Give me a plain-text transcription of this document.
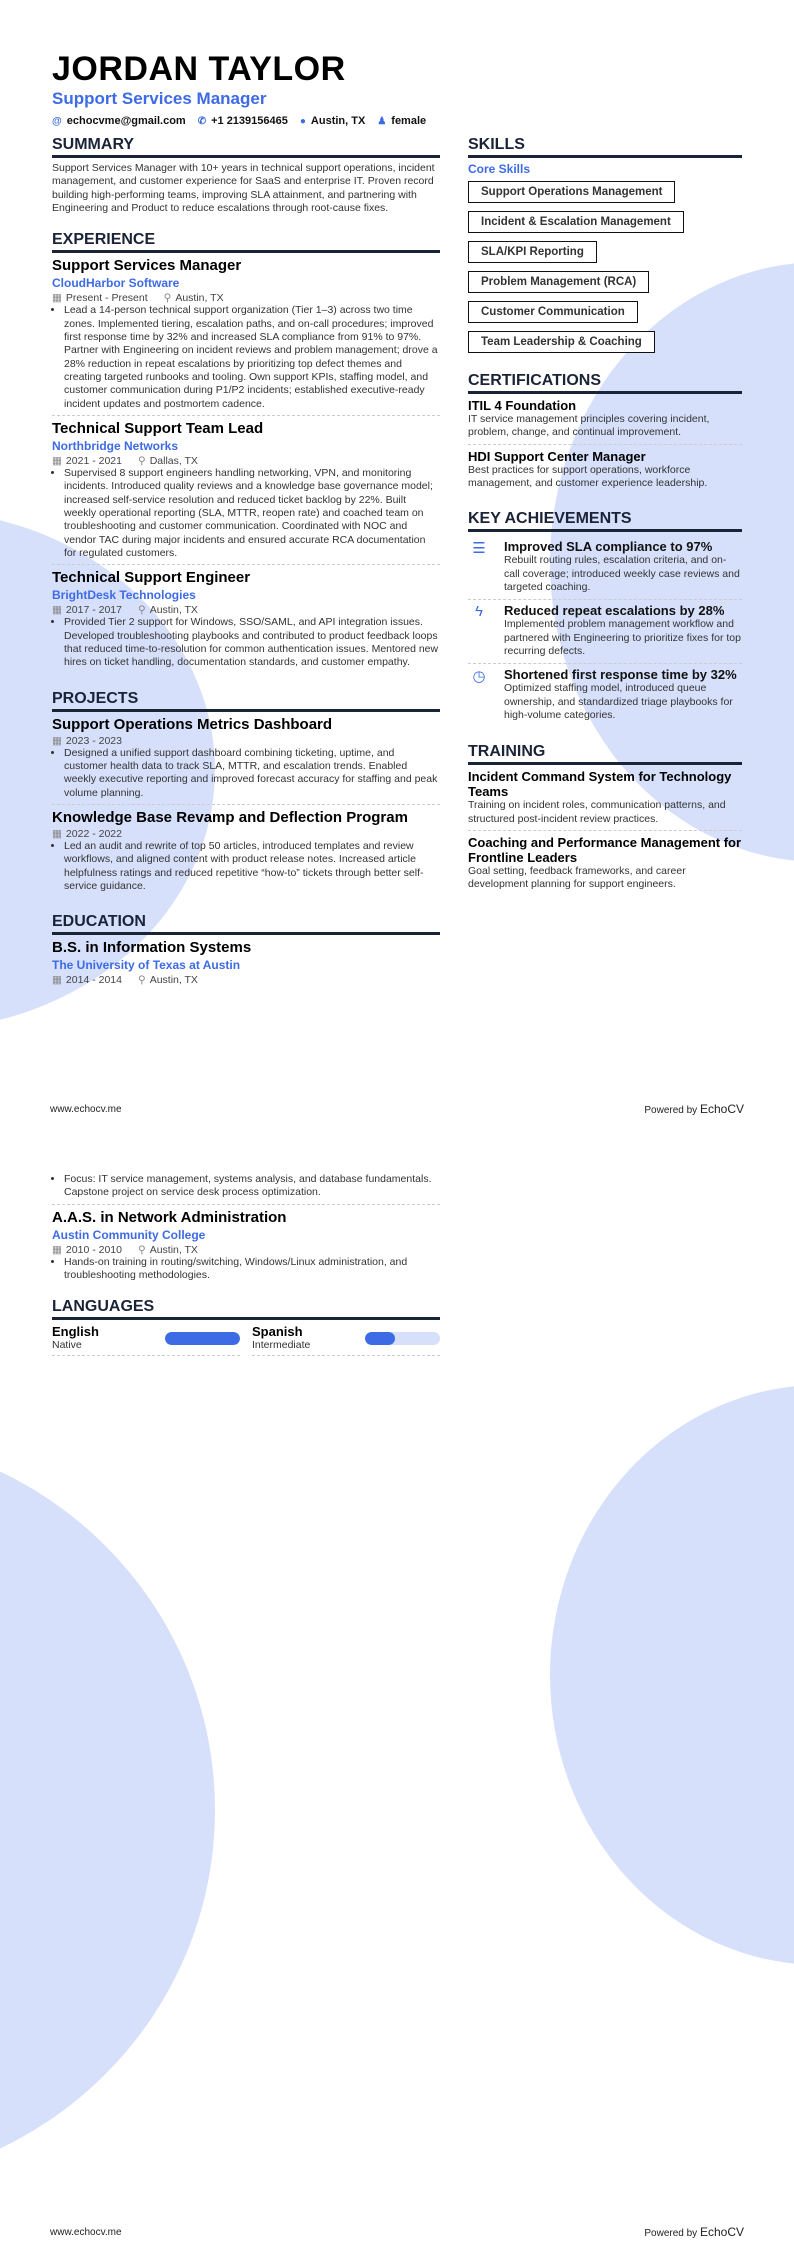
JORDAN TAYLOR
Support Services Manager
@ echocvme@gmail.com ✆ +1 2139156465 ● Austin, TX ♟ female
SUMMARY
Support Services Manager with 10+ years in technical support operations, incident management, and customer experience for SaaS and enterprise IT. Proven record building high-performing teams, improving SLA attainment, and partnering with Engineering and Product to reduce escalations through root-cause fixes.
EXPERIENCE
Support Services Manager
CloudHarbor Software
▦ Present - Present ⚲ Austin, TX
• Lead a 14-person technical support organization (Tier 1–3) across two time zones. Implemented tiering, escalation paths, and on-call procedures; improved first response time by 32% and increased SLA compliance from 91% to 97%. Partner with Engineering on incident reviews and problem management; drove a 28% reduction in repeat escalations by prioritizing top defect themes and creating targeted runbooks and tooling. Own support KPIs, staffing model, and customer communication during P1/P2 incidents; established executive-ready incident updates and postmortem cadence.
Technical Support Team Lead
Northbridge Networks
▦ 2021 - 2021 ⚲ Dallas, TX
• Supervised 8 support engineers handling networking, VPN, and monitoring incidents. Introduced quality reviews and a knowledge base governance model; increased self-service resolution and reduced ticket backlog by 22%. Built weekly operational reporting (SLA, MTTR, reopen rate) and coached team on troubleshooting and customer communication. Coordinated with NOC and vendor TAC during major incidents and ensured accurate RCA documentation for regulated customers.
Technical Support Engineer
BrightDesk Technologies
▦ 2017 - 2017 ⚲ Austin, TX
• Provided Tier 2 support for Windows, SSO/SAML, and API integration issues. Developed troubleshooting playbooks and contributed to product feedback loops that reduced time-to-resolution for common authentication issues. Mentored new hires on ticket handling, documentation standards, and customer empathy.
PROJECTS
Support Operations Metrics Dashboard
▦ 2023 - 2023
• Designed a unified support dashboard combining ticketing, uptime, and customer health data to track SLA, MTTR, and escalation trends. Enabled weekly executive reporting and improved forecast accuracy for staffing and peak volume planning.
Knowledge Base Revamp and Deflection Program
▦ 2022 - 2022
• Led an audit and rewrite of top 50 articles, introduced templates and review workflows, and aligned content with product release notes. Increased article helpfulness ratings and reduced repetitive “how-to” tickets through better self-service guidance.
EDUCATION
B.S. in Information Systems
The University of Texas at Austin
▦ 2014 - 2014 ⚲ Austin, TX
SKILLS
Core Skills
Support Operations Management
Incident & Escalation Management
SLA/KPI Reporting
Problem Management (RCA)
Customer Communication
Team Leadership & Coaching
CERTIFICATIONS
ITIL 4 Foundation
IT service management principles covering incident, problem, change, and continual improvement.
HDI Support Center Manager
Best practices for support operations, workforce management, and customer experience leadership.
KEY ACHIEVEMENTS
☰	Improved SLA compliance to 97%
Rebuilt routing rules, escalation criteria, and on-call coverage; introduced weekly case reviews and targeted coaching.
ϟ	Reduced repeat escalations by 28%
Implemented problem management workflow and partnered with Engineering to prioritize fixes for top recurring defects.
◷	Shortened first response time by 32%
Optimized staffing model, introduced queue ownership, and standardized triage playbooks for high-volume categories.
TRAINING
Incident Command System for Technology Teams
Training on incident roles, communication patterns, and structured post-incident review practices.
Coaching and Performance Management for Frontline Leaders
Goal setting, feedback frameworks, and career development planning for support engineers.
www.echocv.me	Powered by EchoCV
• Focus: IT service management, systems analysis, and database fundamentals. Capstone project on service desk process optimization.
A.A.S. in Network Administration
Austin Community College
▦ 2010 - 2010 ⚲ Austin, TX
• Hands-on training in routing/switching, Windows/Linux administration, and troubleshooting methodologies.
LANGUAGES
English
Native
Spanish
Intermediate
www.echocv.me	Powered by EchoCV
